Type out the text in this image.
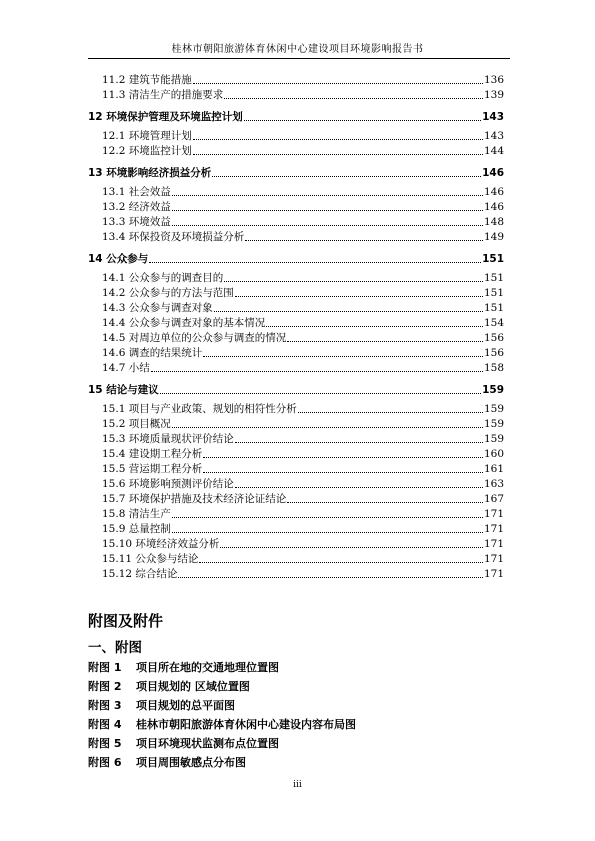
桂林市朝阳旅游体育休闲中心建设项目环境影响报告书
11.2 建筑节能措施	136
11.3 清洁生产的措施要求	139
12 环境保护管理及环境监控计划	143
12.1 环境管理计划	143
12.2 环境监控计划	144
13 环境影响经济损益分析	146
13.1 社会效益	146
13.2 经济效益	146
13.3 环境效益	148
13.4 环保投资及环境损益分析	149
14 公众参与	151
14.1 公众参与的调查目的	151
14.2 公众参与的方法与范围	151
14.3 公众参与调查对象	151
14.4 公众参与调查对象的基本情况	154
14.5 对周边单位的公众参与调查的情况	156
14.6 调查的结果统计	156
14.7 小结	158
15 结论与建议	159
15.1 项目与产业政策、规划的相符性分析	159
15.2 项目概况	159
15.3 环境质量现状评价结论	159
15.4 建设期工程分析	160
15.5 营运期工程分析	161
15.6 环境影响预测评价结论	163
15.7 环境保护措施及技术经济论证结论	167
15.8 清洁生产	171
15.9 总量控制	171
15.10 环境经济效益分析	171
15.11 公众参与结论	171
15.12 综合结论	171
附图及附件
一、附图
附图 1	项目所在地的交通地理位置图
附图 2	项目规划的 区域位置图
附图 3	项目规划的总平面图
附图 4	桂林市朝阳旅游体育休闲中心建设内容布局图
附图 5	项目环境现状监测布点位置图
附图 6	项目周围敏感点分布图
iii
